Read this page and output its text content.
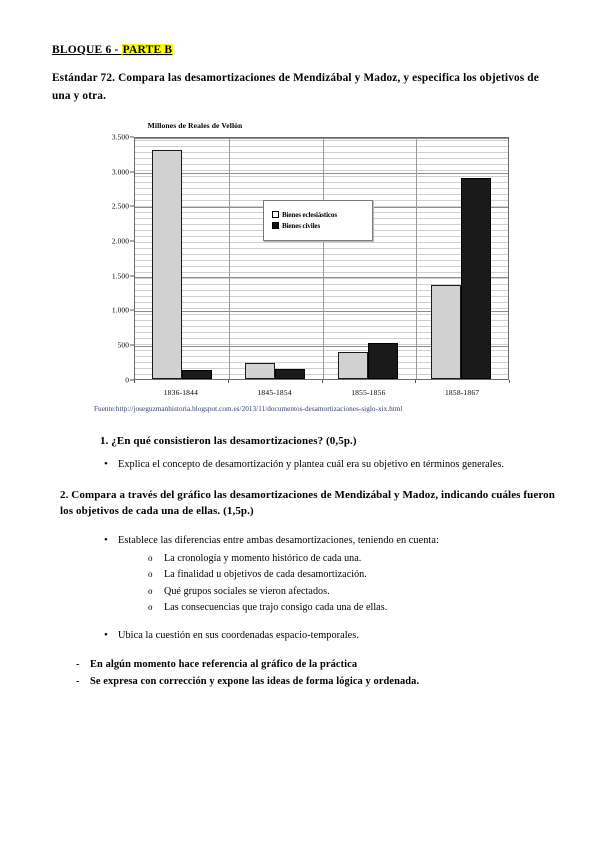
BLOQUE 6 - PARTE B
Estándar 72. Compara las desamortizaciones de Mendizábal y Madoz, y especifica los objetivos de una y otra.
Millones de Reales de Vellón
0
500
1.000
1.500
2.000
2.500
3.000
3.500
Bienes eclesiásticos
Bienes civiles
1836-1844	1845-1854	1855-1856	1858-1867
Fuente:http://joseguzmanhistoria.blogspot.com.es/2013/11/documentos-desamortizaciones-siglo-xix.html
1. ¿En qué consistieron las desamortizaciones? (0,5p.)
• Explica el concepto de desamortización y plantea cuál era su objetivo en términos generales.
2. Compara a través del gráfico las desamortizaciones de Mendizábal y Madoz, indicando cuáles fueron los objetivos de cada una de ellas. (1,5p.)
• Establece las diferencias entre ambas desamortizaciones, teniendo en cuenta:
o La cronología y momento histórico de cada una.
o La finalidad u objetivos de cada desamortización.
o Qué grupos sociales se vieron afectados.
o Las consecuencias que trajo consigo cada una de ellas.
• Ubica la cuestión en sus coordenadas espacio-temporales.
- En algún momento hace referencia al gráfico de la práctica
- Se expresa con corrección y expone las ideas de forma lógica y ordenada.
